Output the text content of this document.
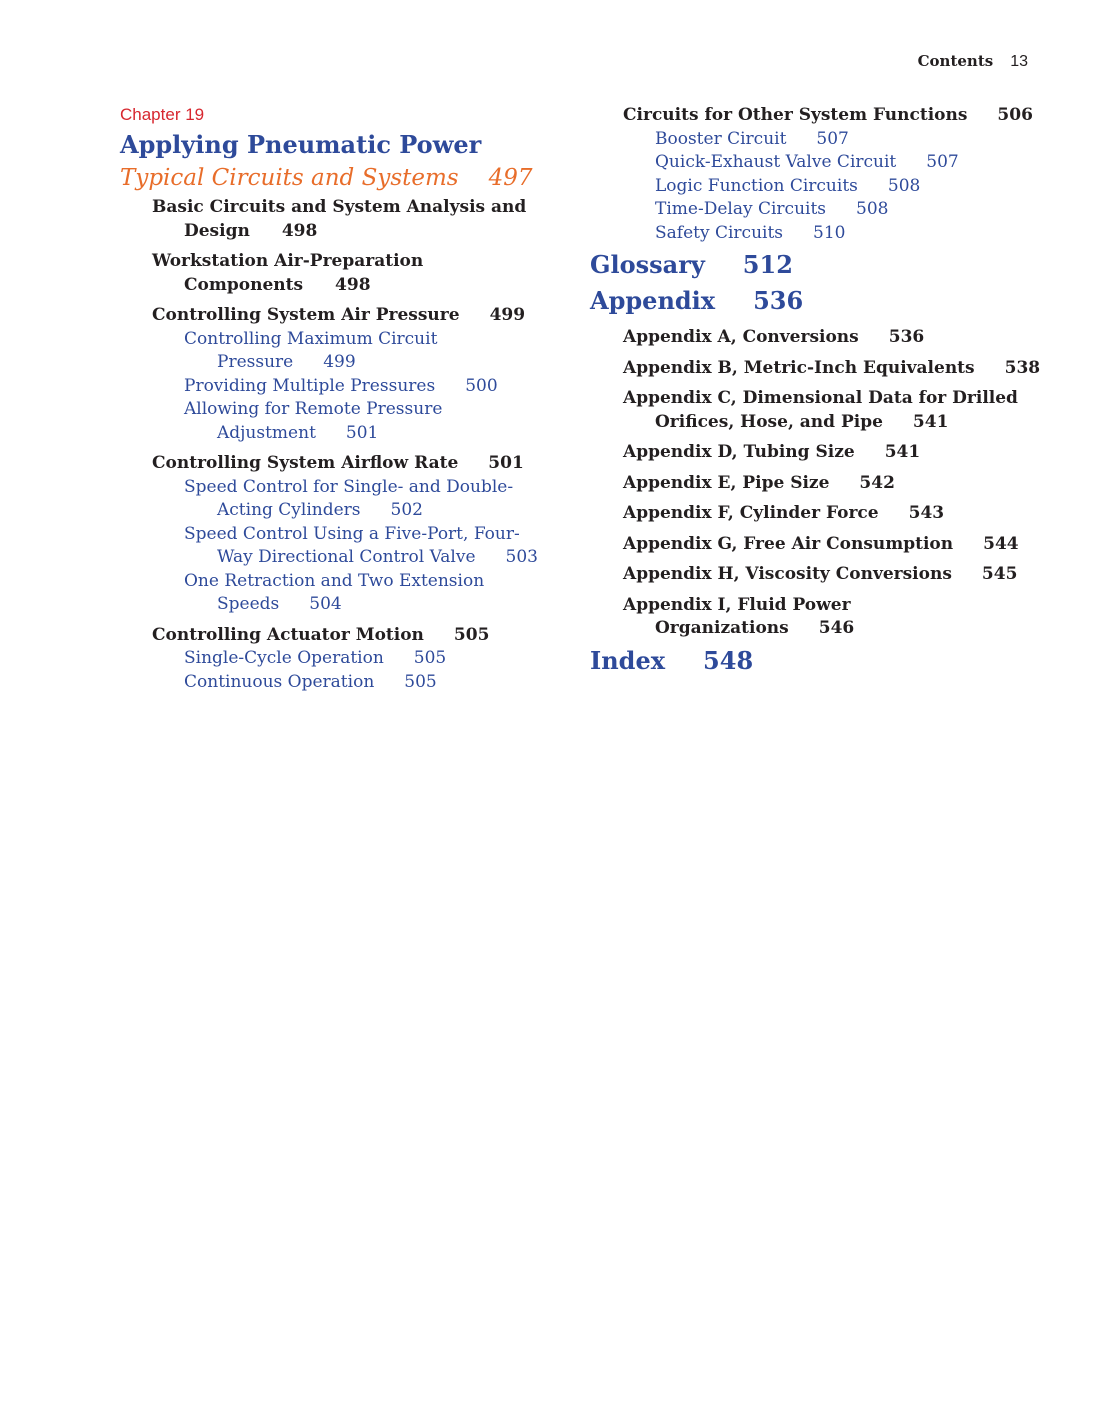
Contents 13
Chapter 19
Applying Pneumatic Power
Typical Circuits and Systems 497
Basic Circuits and System Analysis and
Design 498
Workstation Air-Preparation
Components 498
Controlling System Air Pressure 499
Controlling Maximum Circuit
Pressure 499
Providing Multiple Pressures 500
Allowing for Remote Pressure
Adjustment 501
Controlling System Airflow Rate 501
Speed Control for Single- and Double-
Acting Cylinders 502
Speed Control Using a Five-Port, Four-
Way Directional Control Valve 503
One Retraction and Two Extension
Speeds 504
Controlling Actuator Motion 505
Single-Cycle Operation 505
Continuous Operation 505
Circuits for Other System Functions 506
Booster Circuit 507
Quick-Exhaust Valve Circuit 507
Logic Function Circuits 508
Time-Delay Circuits 508
Safety Circuits 510
Glossary 512
Appendix 536
Appendix A, Conversions 536
Appendix B, Metric-Inch Equivalents 538
Appendix C, Dimensional Data for Drilled
Orifices, Hose, and Pipe 541
Appendix D, Tubing Size 541
Appendix E, Pipe Size 542
Appendix F, Cylinder Force 543
Appendix G, Free Air Consumption 544
Appendix H, Viscosity Conversions 545
Appendix I, Fluid Power Organizations 546
Index 548
